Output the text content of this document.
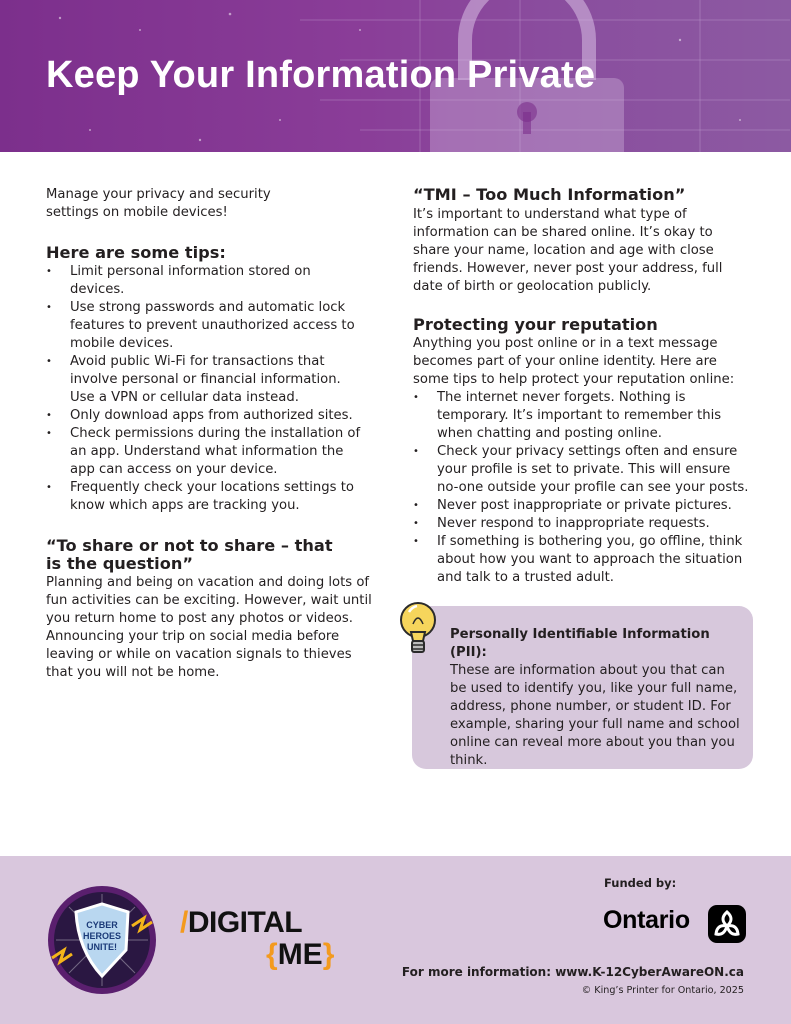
Keep Your Information Private

Manage your privacy and security settings on mobile devices!

Here are some tips:

• Limit personal information stored on devices.
• Use strong passwords and automatic lock features to prevent unauthorized access to mobile devices.
• Avoid public Wi-Fi for transactions that involve personal or financial information. Use a VPN or cellular data instead.
• Only download apps from authorized sites.
• Check permissions during the installation of an app. Understand what information the app can access on your device.
• Frequently check your locations settings to know which apps are tracking you.

“To share or not to share – that is the question”

Planning and being on vacation and doing lots of fun activities can be exciting. However, wait until you return home to post any photos or videos. Announcing your trip on social media before leaving or while on vacation signals to thieves that you will not be home.

“TMI – Too Much Information”

It’s important to understand what type of information can be shared online. It’s okay to share your name, location and age with close friends. However, never post your address, full date of birth or geolocation publicly.

Protecting your reputation

Anything you post online or in a text message becomes part of your online identity. Here are some tips to help protect your reputation online:

• The internet never forgets. Nothing is temporary. It’s important to remember this when chatting and posting online.
• Check your privacy settings often and ensure your profile is set to private. This will ensure no-one outside your profile can see your posts.
• Never post inappropriate or private pictures.
• Never respond to inappropriate requests.
• If something is bothering you, go offline, think about how you want to approach the situation and talk to a trusted adult.

Personally Identifiable Information (PII):

These are information about you that can be used to identify you, like your full name, address, phone number, or student ID. For example, sharing your full name and school online can reveal more about you than you think.

CYBER
HEROES
UNITE!
/DIGITAL
{ME}
Funded by:
Ontario
For more information: www.K-12CyberAwareON.ca
© King’s Printer for Ontario, 2025
